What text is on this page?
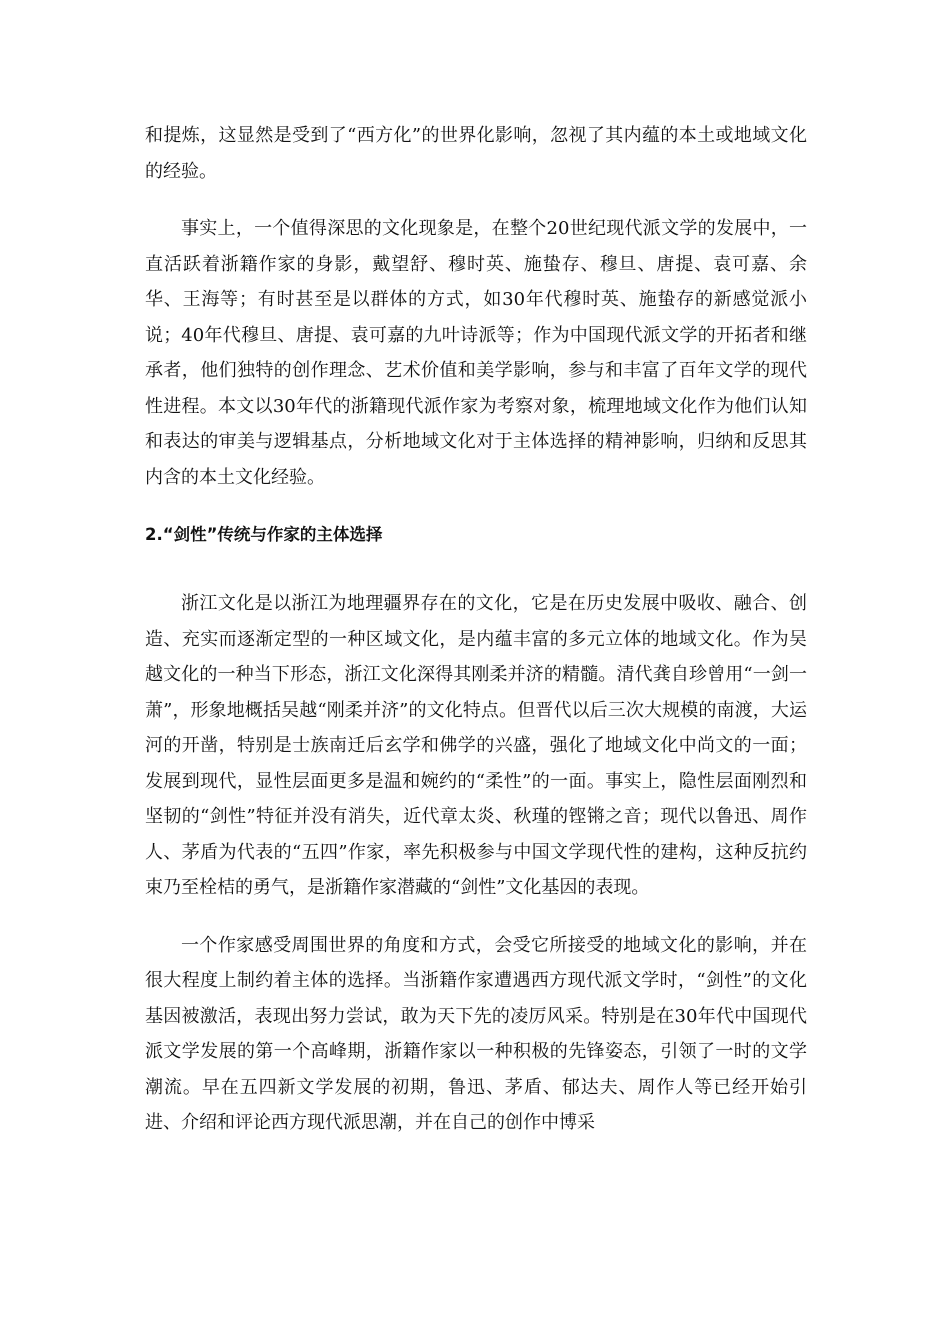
和提炼，这显然是受到了“西方化”的世界化影响，忽视了其内蕴的本土或地域文化的经验。

事实上，一个值得深思的文化现象是，在整个20世纪现代派文学的发展中，一直活跃着浙籍作家的身影，戴望舒、穆时英、施蛰存、穆旦、唐提、袁可嘉、余华、王海等；有时甚至是以群体的方式，如30年代穆时英、施蛰存的新感觉派小说；40年代穆旦、唐提、袁可嘉的九叶诗派等；作为中国现代派文学的开拓者和继承者，他们独特的创作理念、艺术价值和美学影响，参与和丰富了百年文学的现代性进程。本文以30年代的浙籍现代派作家为考察对象，梳理地域文化作为他们认知和表达的审美与逻辑基点，分析地域文化对于主体选择的精神影响，归纳和反思其内含的本土文化经验。

2.“剑性”传统与作家的主体选择

浙江文化是以浙江为地理疆界存在的文化，它是在历史发展中吸收、融合、创造、充实而逐渐定型的一种区域文化，是内蕴丰富的多元立体的地域文化。作为吴越文化的一种当下形态，浙江文化深得其刚柔并济的精髓。清代龚自珍曾用“一剑一萧”，形象地概括吴越“刚柔并济”的文化特点。但晋代以后三次大规模的南渡，大运河的开凿，特别是士族南迁后玄学和佛学的兴盛，强化了地域文化中尚文的一面；发展到现代，显性层面更多是温和婉约的“柔性”的一面。事实上，隐性层面刚烈和坚韧的“剑性”特征并没有消失，近代章太炎、秋瑾的铿锵之音；现代以鲁迅、周作人、茅盾为代表的“五四”作家，率先积极参与中国文学现代性的建构，这种反抗约束乃至栓桔的勇气，是浙籍作家潜藏的“剑性”文化基因的表现。

一个作家感受周围世界的角度和方式，会受它所接受的地域文化的影响，并在很大程度上制约着主体的选择。当浙籍作家遭遇西方现代派文学时，“剑性”的文化基因被激活，表现出努力尝试，敢为天下先的凌厉风采。特别是在30年代中国现代派文学发展的第一个高峰期，浙籍作家以一种积极的先锋姿态，引领了一时的文学潮流。早在五四新文学发展的初期，鲁迅、茅盾、郁达夫、周作人等已经开始引进、介绍和评论西方现代派思潮，并在自己的创作中博采
